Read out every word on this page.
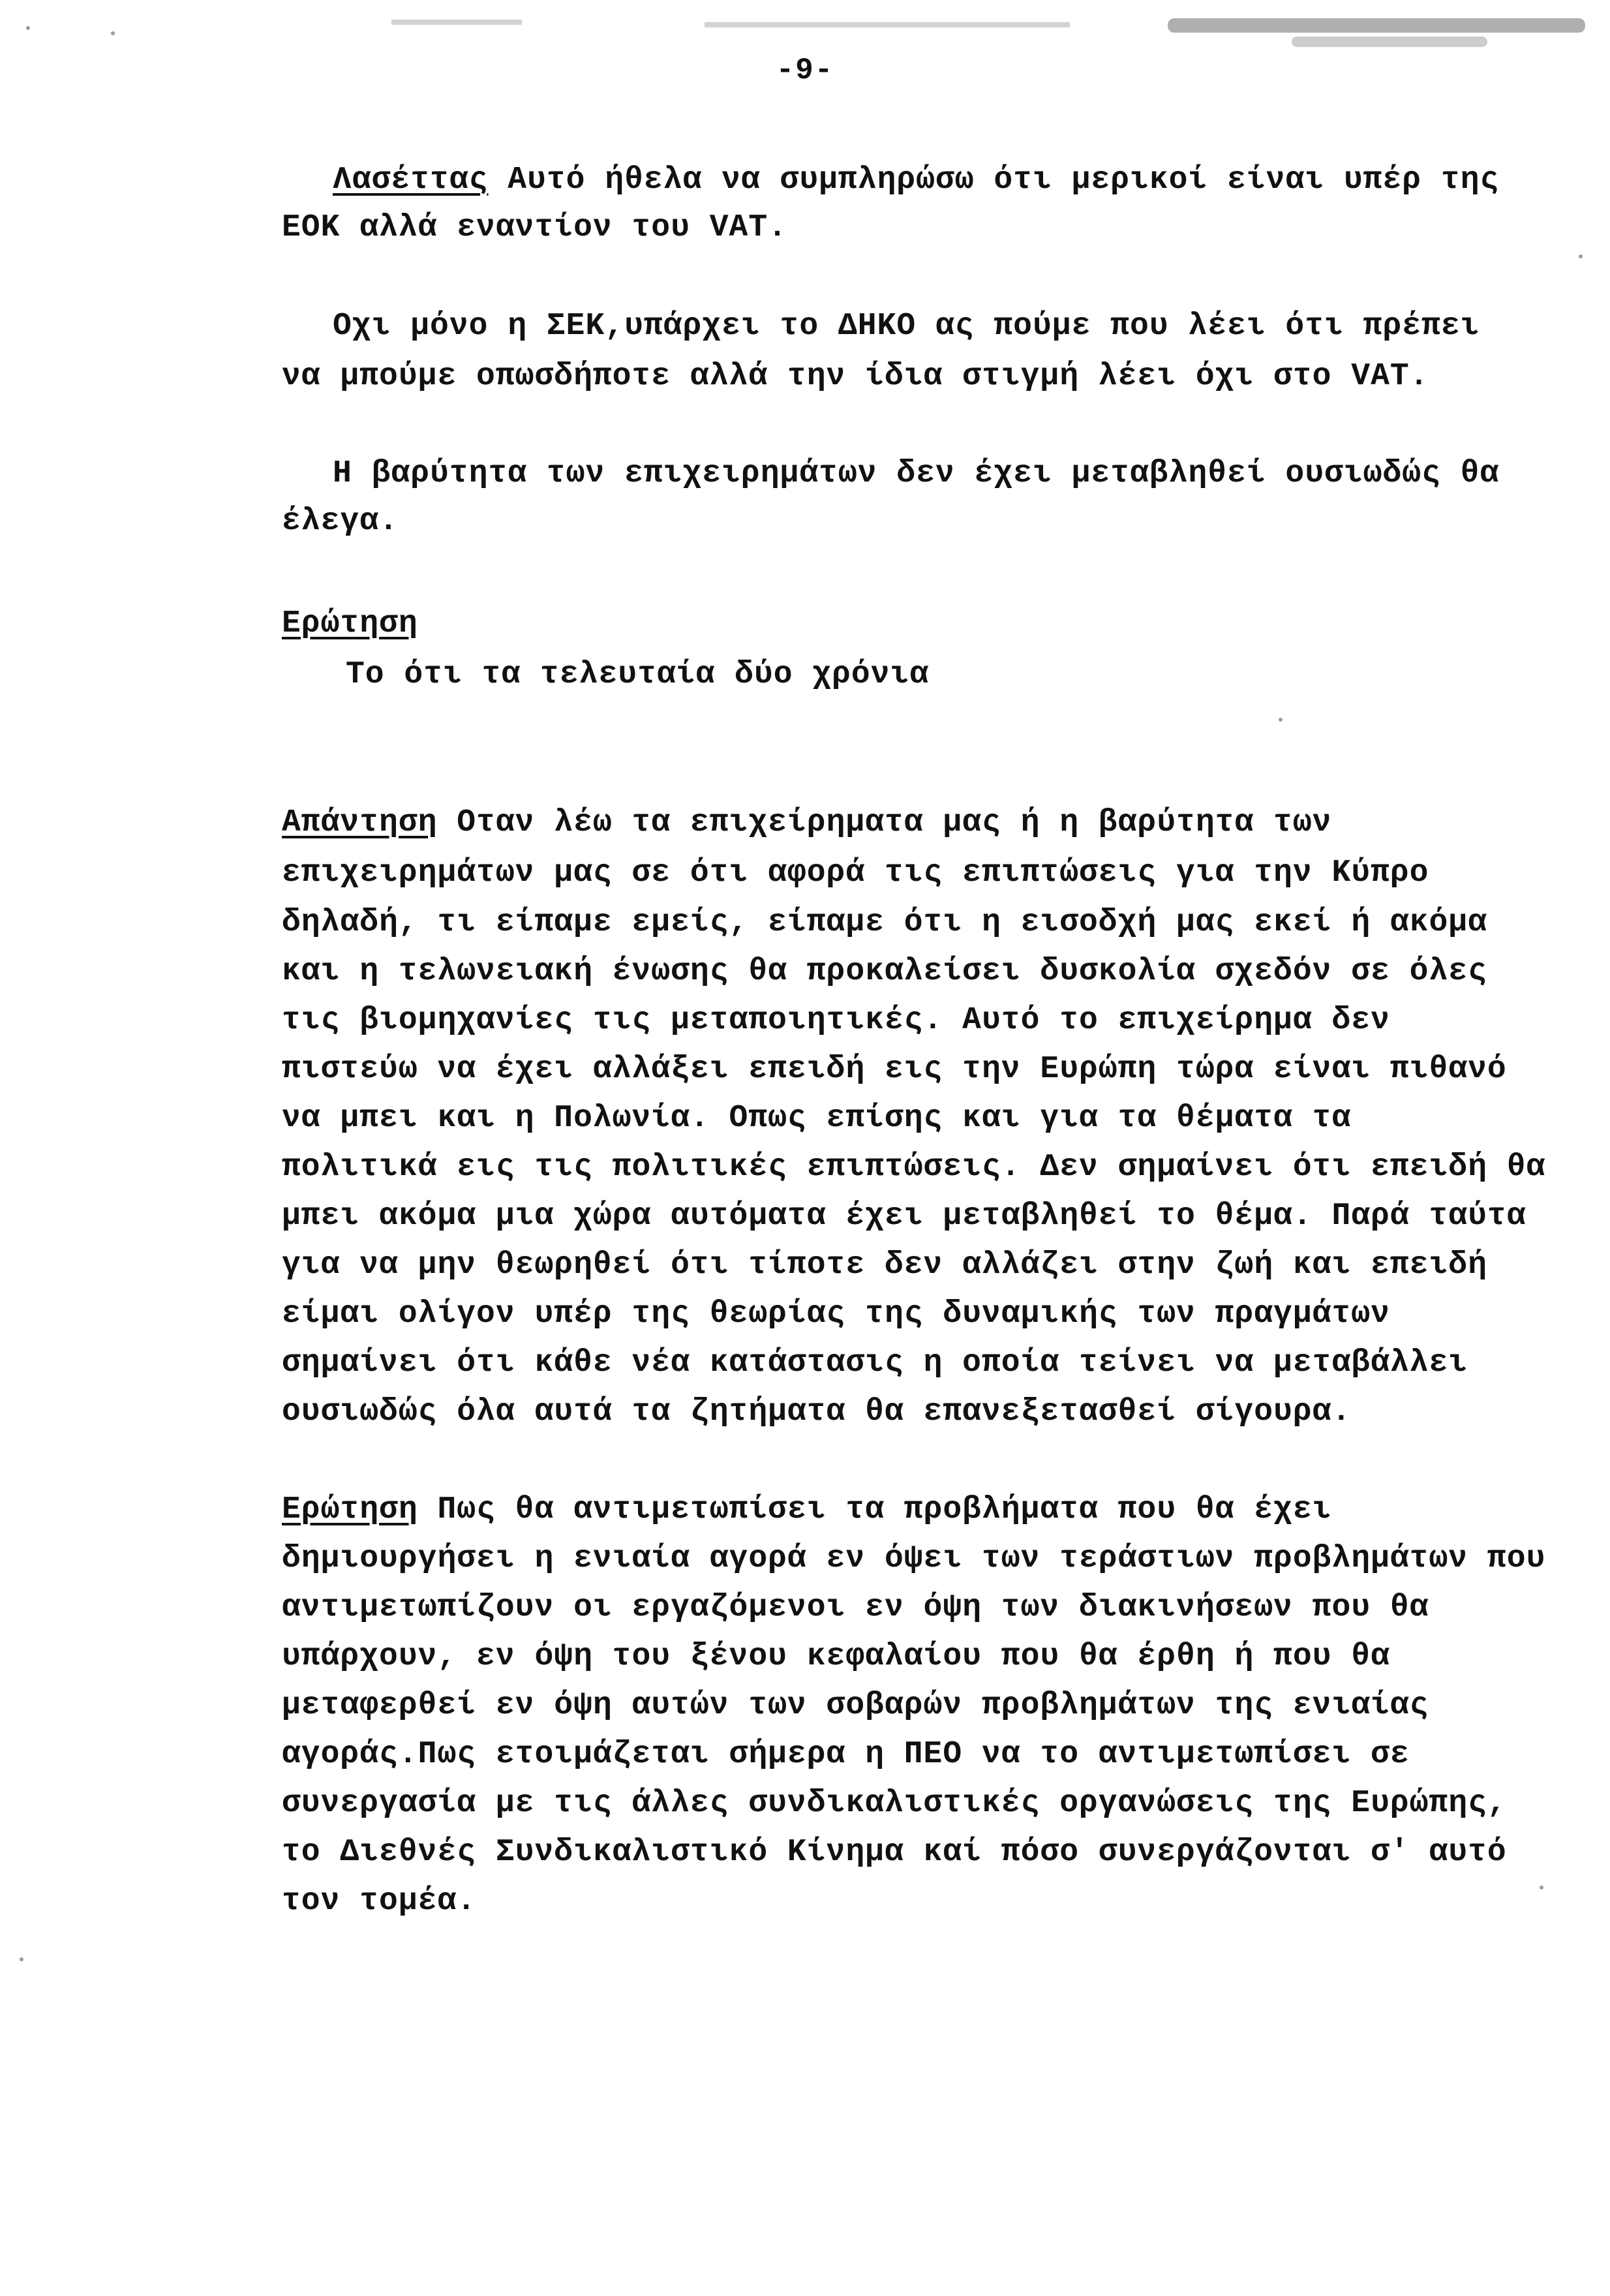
-9-
Λασέττας Αυτό ήθελα να συμπληρώσω ότι μερικοί είναι υπέρ της
ΕΟΚ αλλά εναντίον του VAT.
Οχι μόνο η ΣΕΚ,υπάρχει το ΔΗΚΟ ας πούμε που λέει ότι πρέπει
να μπούμε οπωσδήποτε αλλά την ίδια στιγμή λέει όχι στο VAT.
Η βαρύτητα των επιχειρημάτων δεν έχει μεταβληθεί ουσιωδώς θα
έλεγα.
Ερώτηση
Το ότι τα τελευταία δύο χρόνια
Απάντηση Οταν λέω τα επιχείρηματα μας ή η βαρύτητα των
επιχειρημάτων μας σε ότι αφορά τις επιπτώσεις για την Κύπρο
δηλαδή, τι είπαμε εμείς, είπαμε ότι η εισοδχή μας εκεί ή ακόμα
και η τελωνειακή ένωσης θα προκαλείσει δυσκολία σχεδόν σε όλες
τις βιομηχανίες τις μεταποιητικές. Αυτό το επιχείρημα δεν
πιστεύω να έχει αλλάξει επειδή εις την Ευρώπη τώρα είναι πιθανό
να μπει και η Πολωνία. Οπως επίσης και για τα θέματα τα
πολιτικά εις τις πολιτικές επιπτώσεις. Δεν σημαίνει ότι επειδή θα
μπει ακόμα μια χώρα αυτόματα έχει μεταβληθεί το θέμα. Παρά ταύτα
για να μην θεωρηθεί ότι τίποτε δεν αλλάζει στην ζωή και επειδή
είμαι ολίγον υπέρ της θεωρίας της δυναμικής των πραγμάτων
σημαίνει ότι κάθε νέα κατάστασις η οποία τείνει να μεταβάλλει
ουσιωδώς όλα αυτά τα ζητήματα θα επανεξετασθεί σίγουρα.
Ερώτηση Πως θα αντιμετωπίσει τα προβλήματα που θα έχει
δημιουργήσει η ενιαία αγορά εν όψει των τεράστιων προβλημάτων που
αντιμετωπίζουν οι εργαζόμενοι εν όψη των διακινήσεων που θα
υπάρχουν, εν όψη του ξένου κεφαλαίου που θα έρθη ή που θα
μεταφερθεί εν όψη αυτών των σοβαρών προβλημάτων της ενιαίας
αγοράς.Πως ετοιμάζεται σήμερα η ΠΕΟ να το αντιμετωπίσει σε
συνεργασία με τις άλλες συνδικαλιστικές οργανώσεις της Ευρώπης,
το Διεθνές Συνδικαλιστικό Κίνημα καί πόσο συνεργάζονται σ' αυτό
τον τομέα.
